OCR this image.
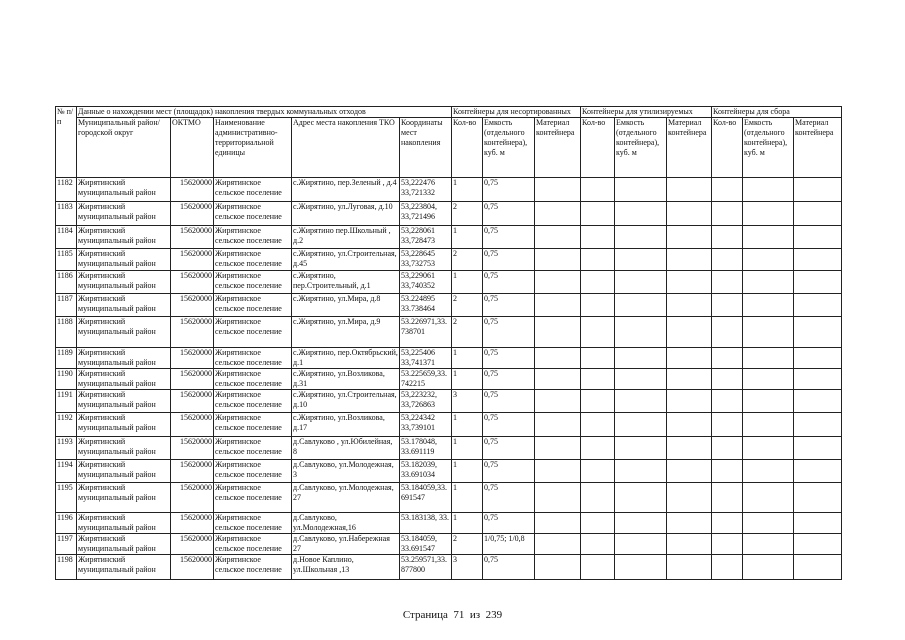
№ п/п	Данные о нахождении мест (площадок) накопления твердых коммунальных отходов					Контейнеры для несортированных			Контейнеры для утилизируемых			Контейнеры для сбора		
	Муниципальный район/городской округ	ОКТМО	Наименование административно-территориальной единицы	Адрес места накопления ТКО	Координаты мест накопления	Кол-во	Емкость (отдельного контейнера), куб. м	Материал контейнера	Кол-во	Емкость (отдельного контейнера), куб. м	Материал контейнера	Кол-во	Емкость (отдельного контейнера), куб. м	Материал контейнера
1182	Жирятинский муниципальный район	15620000	Жирятинское сельское поселение	с.Жирятино, пер.Зеленый , д.4	53,222476 33,721332	1	0,75							
1183	Жирятинский муниципальный район	15620000	Жирятинское сельское поселение	с.Жирятино, ул.Луговая, д.10	53,223804, 33,721496	2	0,75							
1184	Жирятинский муниципальный район	15620000	Жирятинское сельское поселение	с.Жирятино пер.Школьный , д.2	53,228061 33,728473	1	0,75							
1185	Жирятинский муниципальный район	15620000	Жирятинское сельское поселение	с.Жирятино, ул.Строительная, д.45	53,228645 33,732753	2	0,75							
1186	Жирятинский муниципальный район	15620000	Жирятинское сельское поселение	с.Жирятино, пер.Строительный, д.1	53,229061 33,740352	1	0,75							
1187	Жирятинский муниципальный район	15620000	Жирятинское сельское поселение	с.Жирятино, ул.Мира, д.8	53.224895 33.738464	2	0,75							
1188	Жирятинский муниципальный район	15620000	Жирятинское сельское поселение	с.Жирятино, ул.Мира, д.9	53.226971,33. 738701	2	0,75							
1189	Жирятинский муниципальный район	15620000	Жирятинское сельское поселение	с.Жирятино, пер.Октябрьский, д.1	53,225406 33,741371	1	0,75							
1190	Жирятинский муниципальный район	15620000	Жирятинское сельское поселение	с.Жирятино, ул.Возликова, д.31	53.225659,33. 742215	1	0,75							
1191	Жирятинский муниципальный район	15620000	Жирятинское сельское поселение	с.Жирятино, ул.Строительная, д.10	53,223232, 33,726863	3	0,75							
1192	Жирятинский муниципальный район	15620000	Жирятинское сельское поселение	с.Жирятино, ул.Возликова, д.17	53,224342 33,739101	1	0,75							
1193	Жирятинский муниципальный район	15620000	Жирятинское сельское поселение	д.Савлуково , ул.Юбилейная, 8	53.178048, 33.691119	1	0,75							
1194	Жирятинский муниципальный район	15620000	Жирятинское сельское поселение	д.Савлуково, ул.Молодежная, 3	53.182039, 33.691034	1	0,75							
1195	Жирятинский муниципальный район	15620000	Жирятинское сельское поселение	д.Савлуково, ул.Молодежная, 27	53.184059,33. 691547	1	0,75							
1196	Жирятинский муниципальный район	15620000	Жирятинское сельское поселение	д.Савлуково, ул.Молодежная,16	53.183138, 33.	1	0,75							
1197	Жирятинский муниципальный район	15620000	Жирятинское сельское поселение	д.Савлуково, ул.Набережная 27	53.184059, 33.691547	2	1/0,75; 1/0,8							
1198	Жирятинский муниципальный район	15620000	Жирятинское сельское поселение	д.Новое Каплино, ул.Школьная ,13	53.259571,33. 877800	3	0,75							
Страница 71 из 239
